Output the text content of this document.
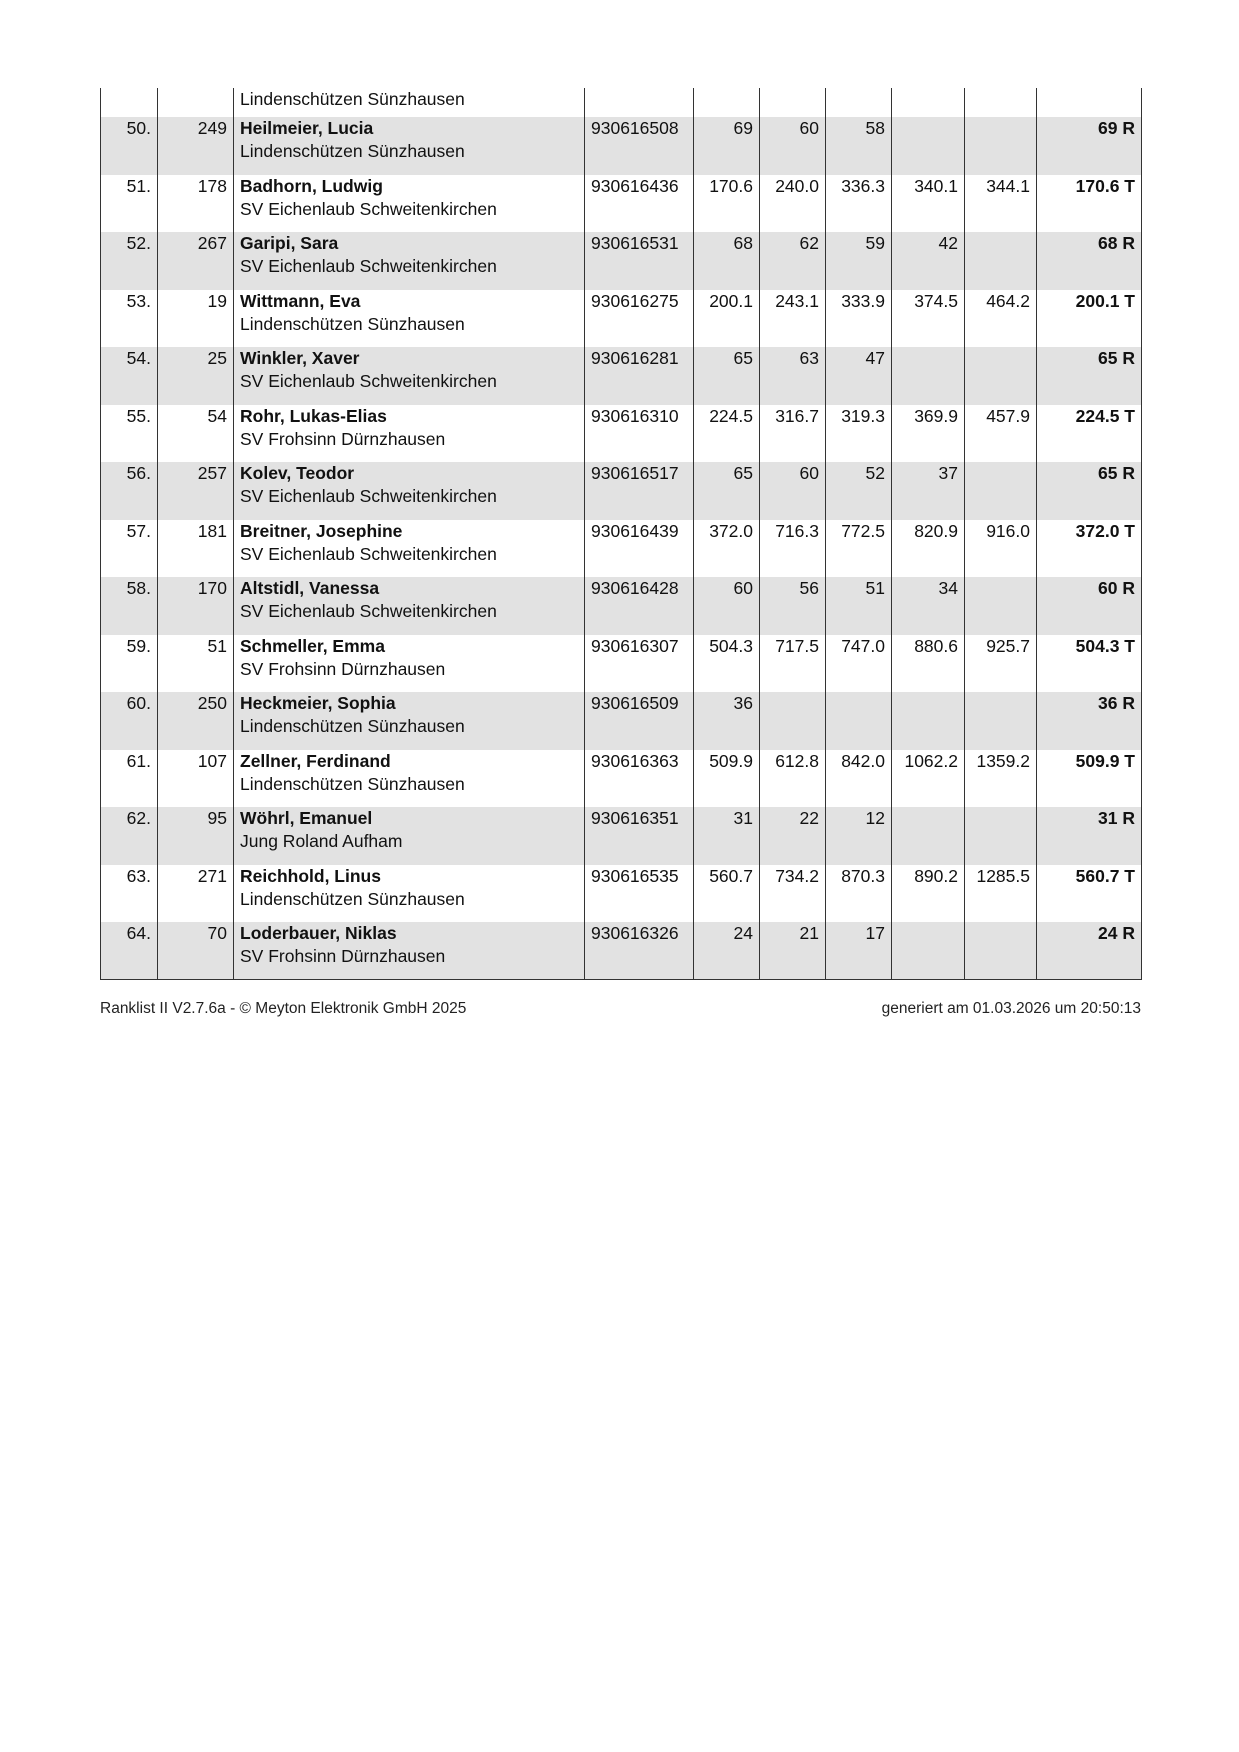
		Lindenschützen Sünzhausen							

50.	249	Heilmeier, Lucia
Lindenschützen Sünzhausen	930616508	69	60	58			69 R
51.	178	Badhorn, Ludwig
SV Eichenlaub Schweitenkirchen	930616436	170.6	240.0	336.3	340.1	344.1	170.6 T
52.	267	Garipi, Sara
SV Eichenlaub Schweitenkirchen	930616531	68	62	59	42		68 R
53.	19	Wittmann, Eva
Lindenschützen Sünzhausen	930616275	200.1	243.1	333.9	374.5	464.2	200.1 T
54.	25	Winkler, Xaver
SV Eichenlaub Schweitenkirchen	930616281	65	63	47			65 R
55.	54	Rohr, Lukas-Elias
SV Frohsinn Dürnzhausen	930616310	224.5	316.7	319.3	369.9	457.9	224.5 T
56.	257	Kolev, Teodor
SV Eichenlaub Schweitenkirchen	930616517	65	60	52	37		65 R
57.	181	Breitner, Josephine
SV Eichenlaub Schweitenkirchen	930616439	372.0	716.3	772.5	820.9	916.0	372.0 T
58.	170	Altstidl, Vanessa
SV Eichenlaub Schweitenkirchen	930616428	60	56	51	34		60 R
59.	51	Schmeller, Emma
SV Frohsinn Dürnzhausen	930616307	504.3	717.5	747.0	880.6	925.7	504.3 T
60.	250	Heckmeier, Sophia
Lindenschützen Sünzhausen	930616509	36					36 R
61.	107	Zellner, Ferdinand
Lindenschützen Sünzhausen	930616363	509.9	612.8	842.0	1062.2	1359.2	509.9 T
62.	95	Wöhrl, Emanuel
Jung Roland Aufham	930616351	31	22	12			31 R
63.	271	Reichhold, Linus
Lindenschützen Sünzhausen	930616535	560.7	734.2	870.3	890.2	1285.5	560.7 T
64.	70	Loderbauer, Niklas
SV Frohsinn Dürnzhausen	930616326	24	21	17			24 R
Ranklist II V2.7.6a - © Meyton Elektronik GmbH 2025	generiert am 01.03.2026 um 20:50:13
